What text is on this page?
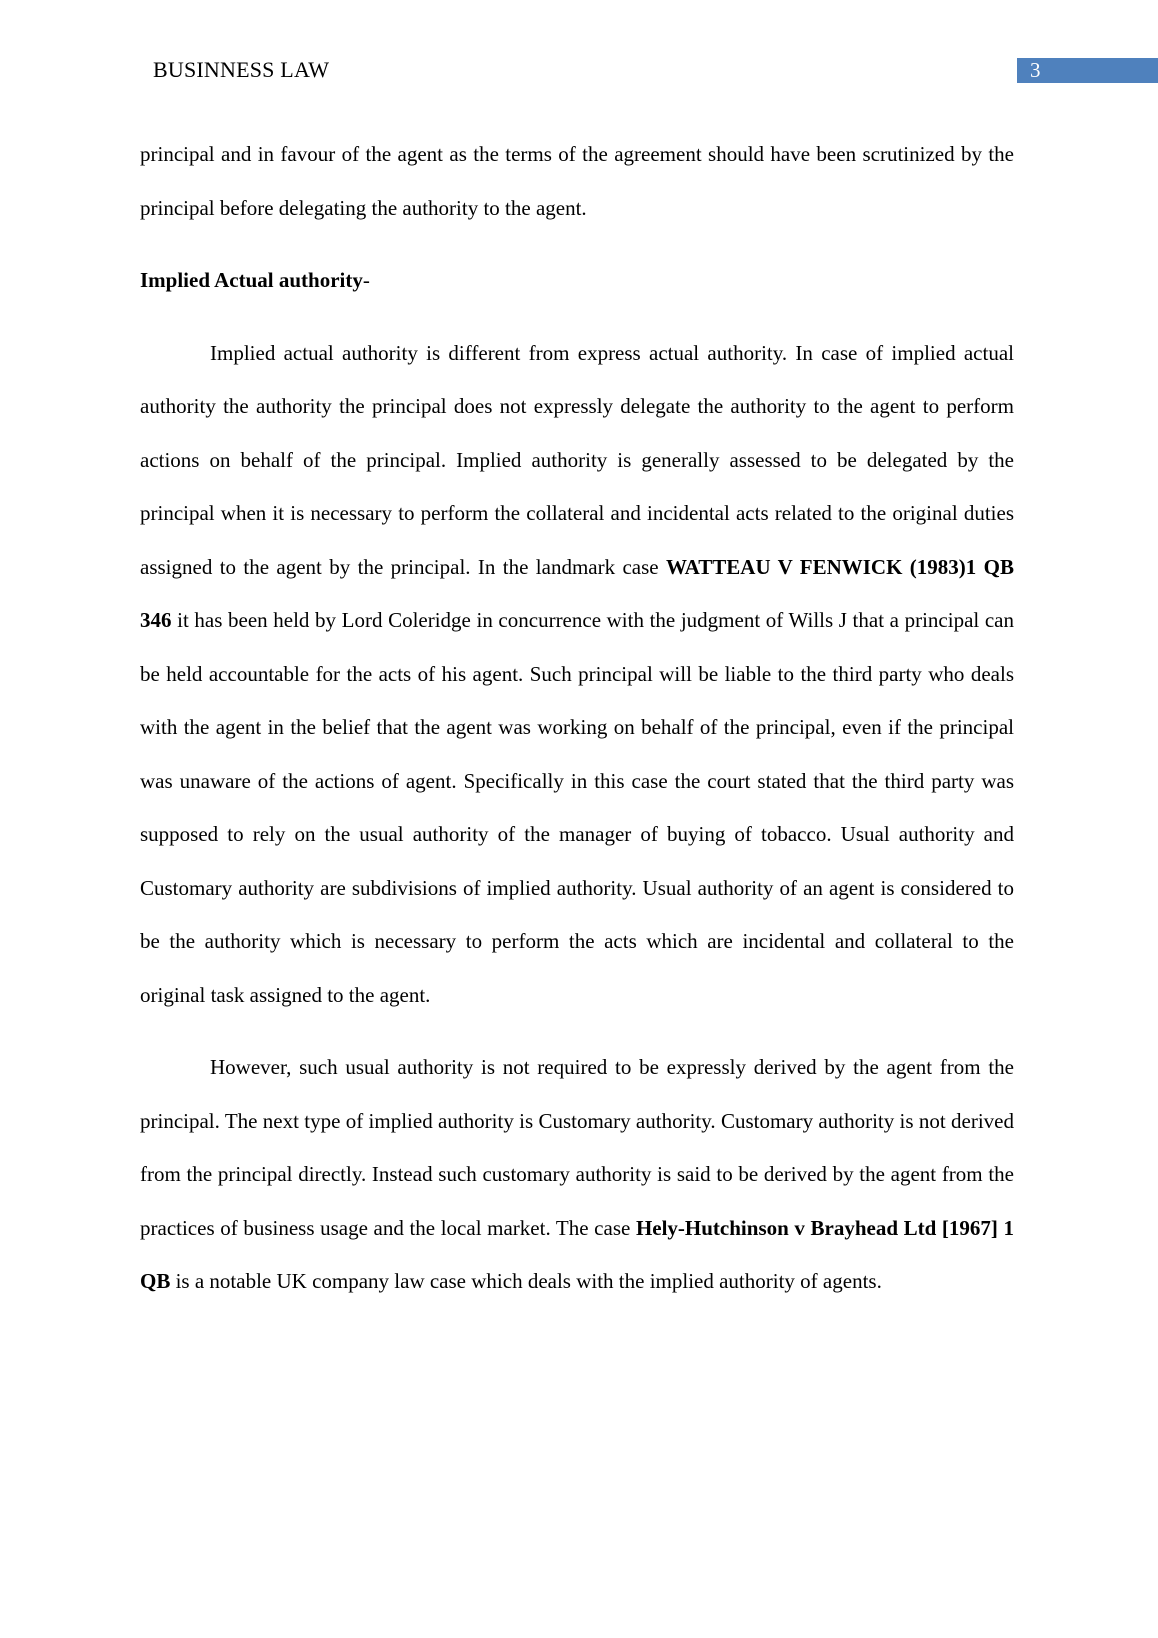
BUSINNESS LAW	3

principal and in favour of the agent as the terms of the agreement should have been scrutinized by the principal before delegating the authority to the agent.

Implied Actual authority-

Implied actual authority is different from express actual authority. In case of implied actual authority the authority the principal does not expressly delegate the authority to the agent to perform actions on behalf of the principal. Implied authority is generally assessed to be delegated by the principal when it is necessary to perform the collateral and incidental acts related to the original duties assigned to the agent by the principal. In the landmark case WATTEAU V FENWICK (1983)1 QB 346 it has been held by Lord Coleridge in concurrence with the judgment of Wills J that a principal can be held accountable for the acts of his agent. Such principal will be liable to the third party who deals with the agent in the belief that the agent was working on behalf of the principal, even if the principal was unaware of the actions of agent. Specifically in this case the court stated that the third party was supposed to rely on the usual authority of the manager of buying of tobacco. Usual authority and Customary authority are subdivisions of implied authority. Usual authority of an agent is considered to be the authority which is necessary to perform the acts which are incidental and collateral to the original task assigned to the agent.

However, such usual authority is not required to be expressly derived by the agent from the principal. The next type of implied authority is Customary authority. Customary authority is not derived from the principal directly. Instead such customary authority is said to be derived by the agent from the practices of business usage and the local market. The case Hely-Hutchinson v Brayhead Ltd [1967] 1 QB is a notable UK company law case which deals with the implied authority of agents.
